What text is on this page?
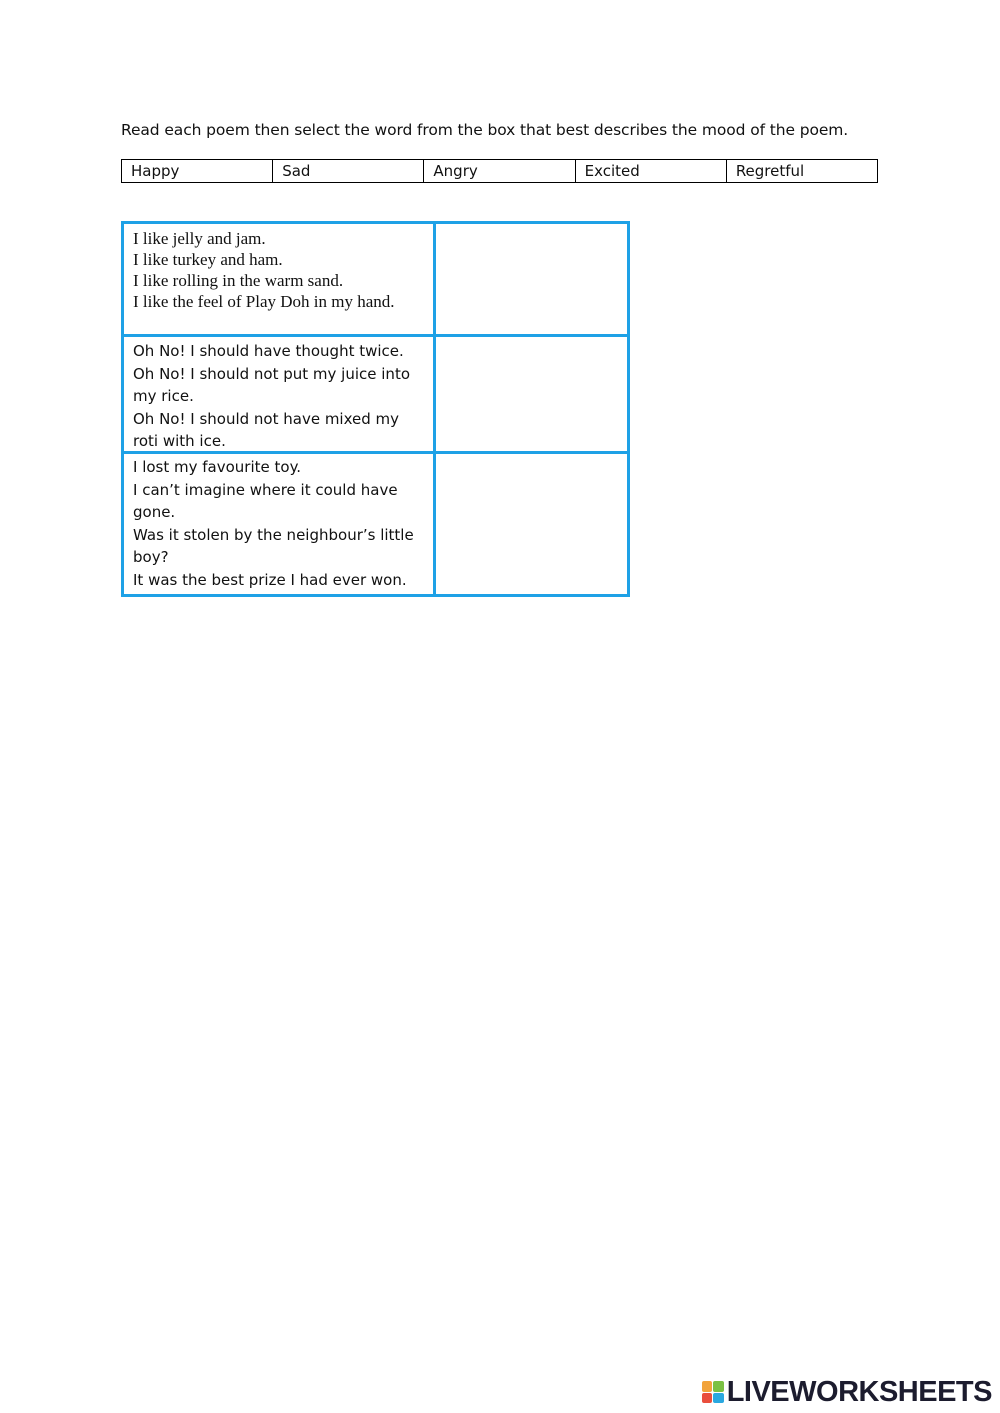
Read each poem then select the word from the box that best describes the mood of the poem.
Happy	Sad	Angry	Excited	Regretful
I like jelly and jam.
I like turkey and ham.
I like rolling in the warm sand.
I like the feel of Play Doh in my hand.
Oh No! I should have thought twice.
Oh No! I should not put my juice into
my rice.
Oh No! I should not have mixed my
roti with ice.
I lost my favourite toy.
I can’t imagine where it could have
gone.
Was it stolen by the neighbour’s little
boy?
It was the best prize I had ever won.
LIVEWORKSHEETS
